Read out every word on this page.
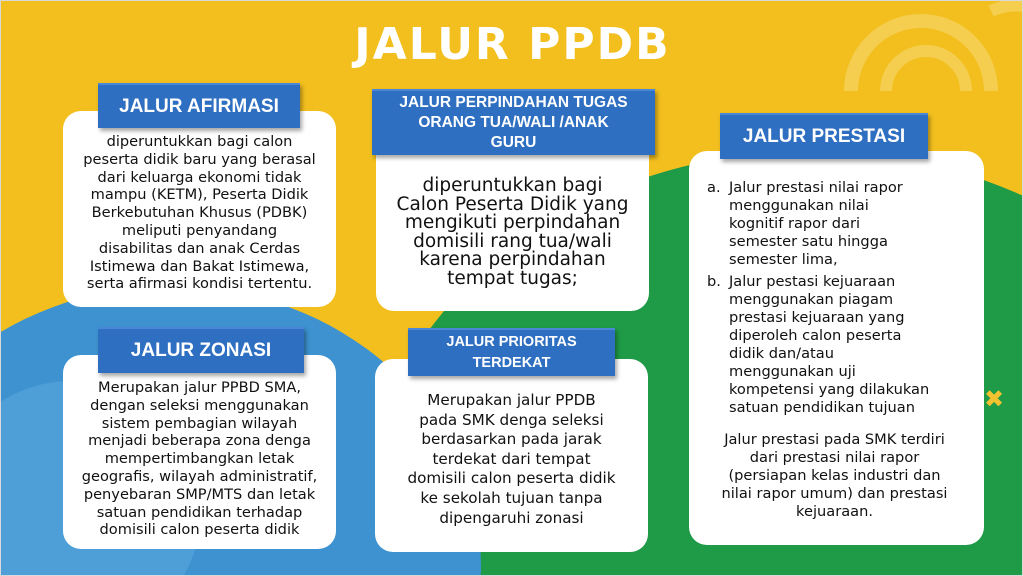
✖
JALUR PPDB
diperuntukkan bagi calon
peserta didik baru yang berasal
dari keluarga ekonomi tidak
mampu (KETM), Peserta Didik
Berkebutuhan Khusus (PDBK)
meliputi penyandang
disabilitas dan anak Cerdas
Istimewa dan Bakat Istimewa,
serta afirmasi kondisi tertentu.
JALUR AFIRMASI
diperuntukkan bagi
Calon Peserta Didik yang
mengikuti perpindahan
domisili rang tua/wali
karena perpindahan
tempat tugas;
JALUR PERPINDAHAN TUGAS
ORANG TUA/WALI /ANAK
GURU
a. Jalur prestasi nilai rapor
menggunakan nilai
kognitif rapor dari
semester satu hingga
semester lima,
b. Jalur pestasi kejuaraan
menggunakan piagam
prestasi kejuaraan yang
diperoleh calon peserta
didik dan/atau
menggunakan uji
kompetensi yang dilakukan
satuan pendidikan tujuan
Jalur prestasi pada SMK terdiri
dari prestasi nilai rapor
(persiapan kelas industri dan
nilai rapor umum) dan prestasi
kejuaraan.
JALUR PRESTASI
Merupakan jalur PPBD SMA,
dengan seleksi menggunakan
sistem pembagian wilayah
menjadi beberapa zona denga
mempertimbangkan letak
geografis, wilayah administratif,
penyebaran SMP/MTS dan letak
satuan pendidikan terhadap
domisili calon peserta didik
JALUR ZONASI
Merupakan jalur PPDB
pada SMK denga seleksi
berdasarkan pada jarak
terdekat dari tempat
domisili calon peserta didik
ke sekolah tujuan tanpa
dipengaruhi zonasi
JALUR PRIORITAS
TERDEKAT
